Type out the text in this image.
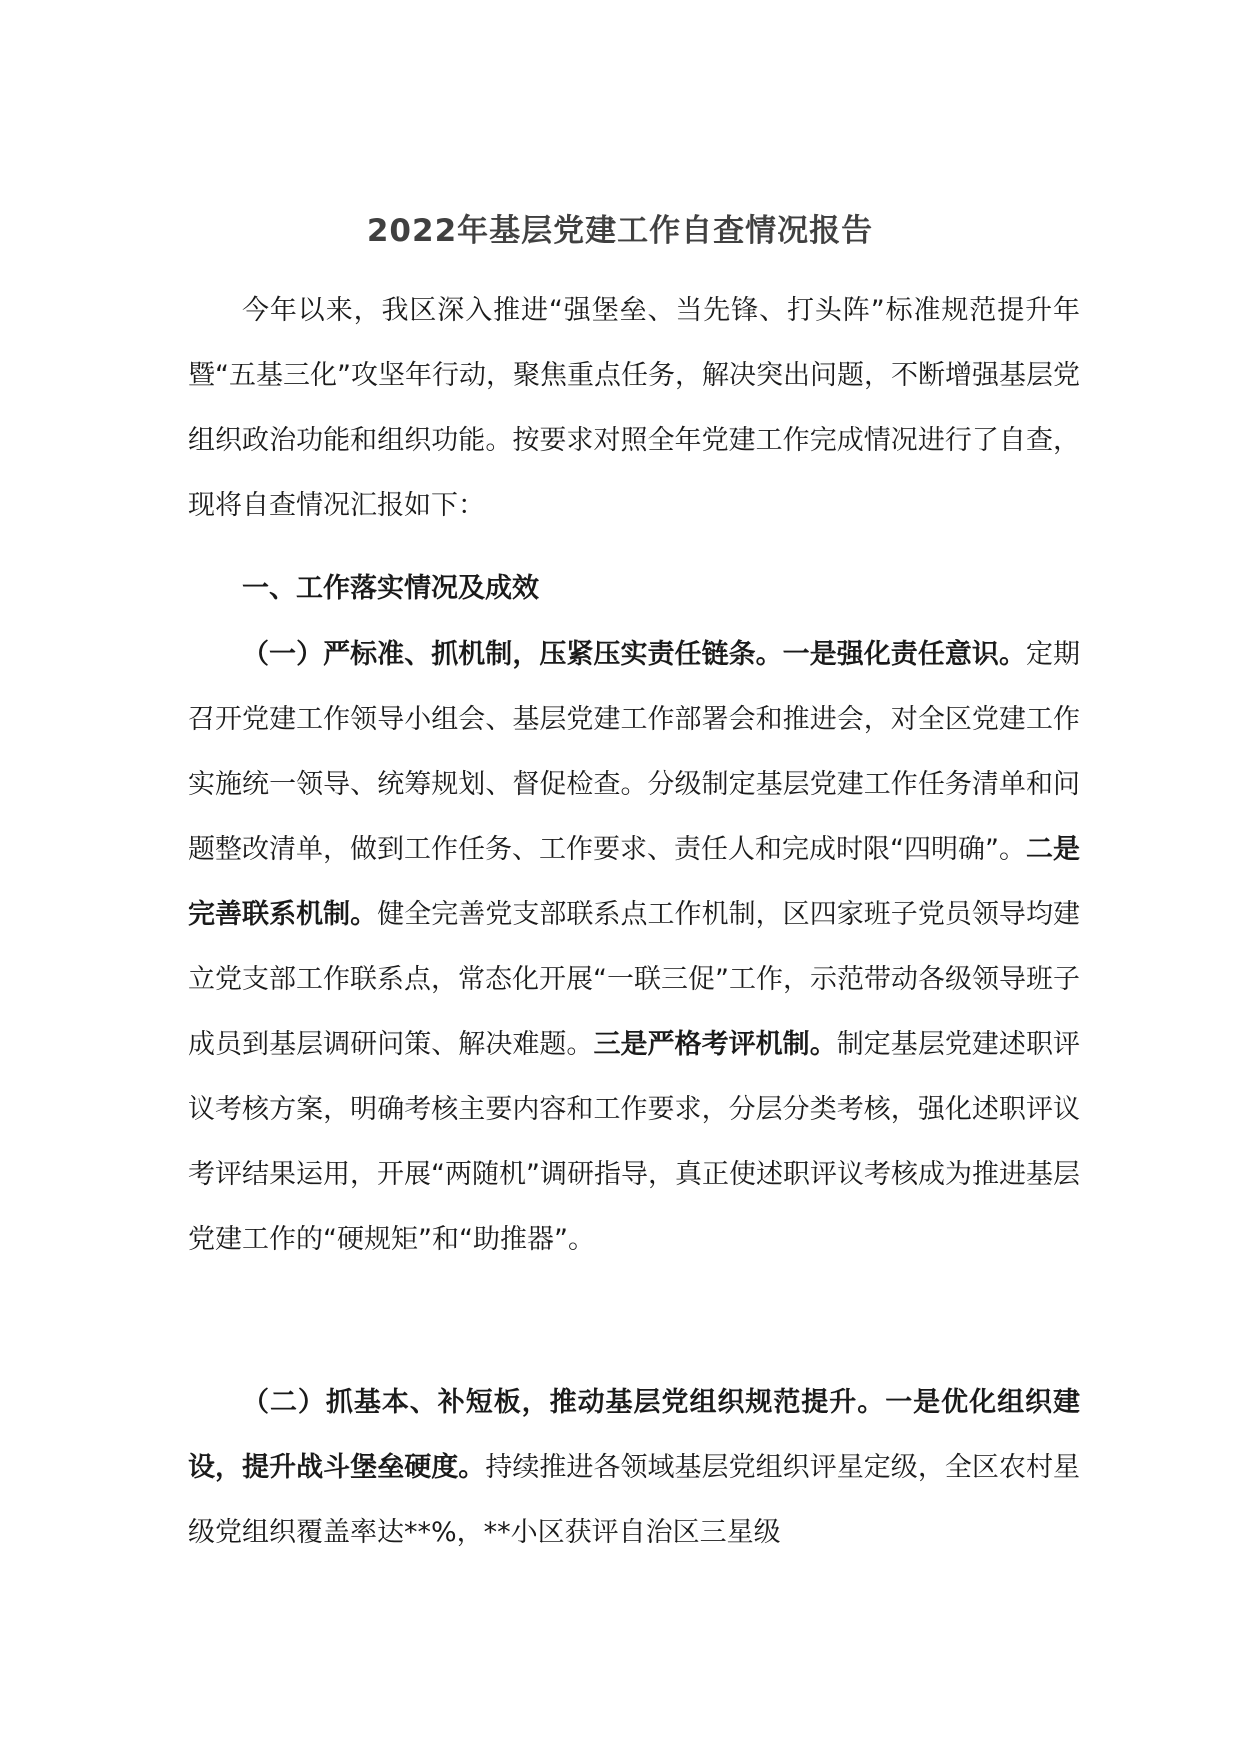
2022年基层党建工作自查情况报告

今年以来，我区深入推进“强堡垒、当先锋、打头阵”标准规范提升年暨“五基三化”攻坚年行动，聚焦重点任务，解决突出问题，不断增强基层党组织政治功能和组织功能。按要求对照全年党建工作完成情况进行了自查，现将自查情况汇报如下：

一、工作落实情况及成效

（一）严标准、抓机制，压紧压实责任链条。一是强化责任意识。定期召开党建工作领导小组会、基层党建工作部署会和推进会，对全区党建工作实施统一领导、统筹规划、督促检查。分级制定基层党建工作任务清单和问题整改清单，做到工作任务、工作要求、责任人和完成时限“四明确”。二是完善联系机制。健全完善党支部联系点工作机制，区四家班子党员领导均建立党支部工作联系点，常态化开展“一联三促”工作，示范带动各级领导班子成员到基层调研问策、解决难题。三是严格考评机制。制定基层党建述职评议考核方案，明确考核主要内容和工作要求，分层分类考核，强化述职评议考评结果运用，开展“两随机”调研指导，真正使述职评议考核成为推进基层党建工作的“硬规矩”和“助推器”。

（二）抓基本、补短板，推动基层党组织规范提升。一是优化组织建设，提升战斗堡垒硬度。持续推进各领域基层党组织评星定级，全区农村星级党组织覆盖率达**%，**小区获评自治区三星级
